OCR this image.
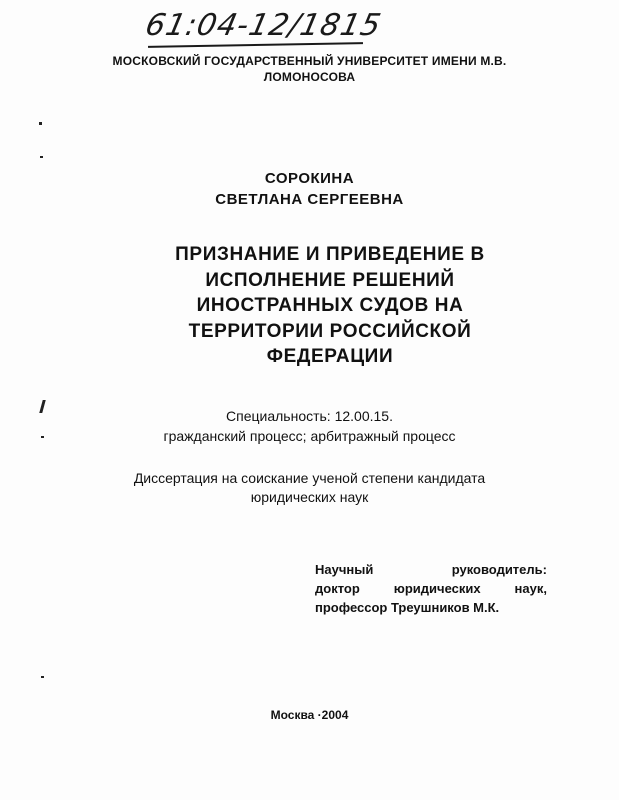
61:04-12/1815
МОСКОВСКИЙ ГОСУДАРСТВЕННЫЙ УНИВЕРСИТЕТ ИМЕНИ М.В.
ЛОМОНОСОВА
СОРОКИНА
СВЕТЛАНА СЕРГЕЕВНА
ПРИЗНАНИЕ И ПРИВЕДЕНИЕ В
ИСПОЛНЕНИЕ РЕШЕНИЙ
ИНОСТРАННЫХ СУДОВ НА
ТЕРРИТОРИИ РОССИЙСКОЙ
ФЕДЕРАЦИИ
Специальность: 12.00.15.
гражданский процесс; арбитражный процесс
Диссертация на соискание ученой степени кандидата
юридических наук
Научный руководитель:
доктор юридических наук,
профессор Треушников М.К.
Москва ·2004
